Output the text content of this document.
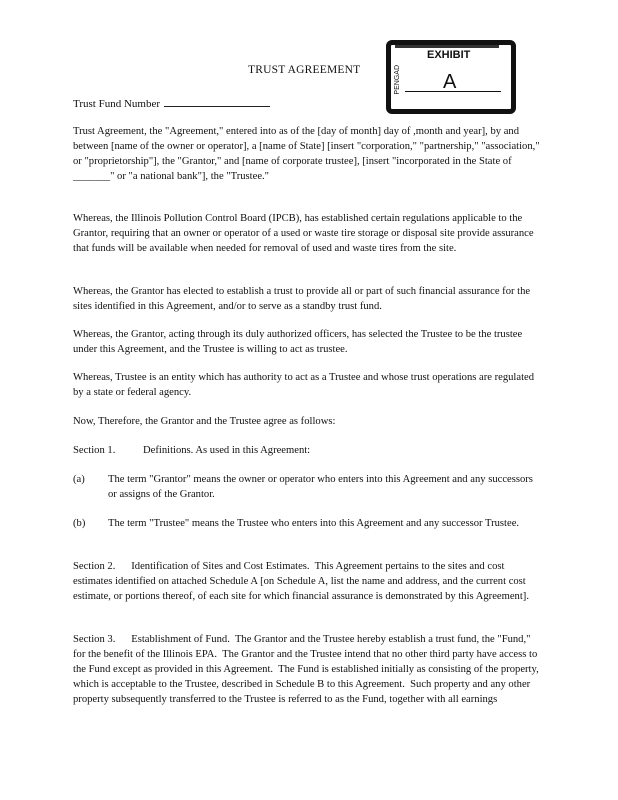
EXHIBIT
PENGAD A
TRUST AGREEMENT
Trust Fund Number
Trust Agreement, the "Agreement," entered into as of the [day of month] day of ,month and year], by and between [name of the owner or operator], a [name of State] [insert "corporation," "partnership," "association," or "proprietorship"], the "Grantor," and [name of corporate trustee], [insert "incorporated in the State of _______" or "a national bank"], the "Trustee."
Whereas, the Illinois Pollution Control Board (IPCB), has established certain regulations applicable to the Grantor, requiring that an owner or operator of a used or waste tire storage or disposal site provide assurance that funds will be available when needed for removal of used and waste tires from the site.
Whereas, the Grantor has elected to establish a trust to provide all or part of such financial assurance for the sites identified in this Agreement, and/or to serve as a standby trust fund.
Whereas, the Grantor, acting through its duly authorized officers, has selected the Trustee to be the trustee under this Agreement, and the Trustee is willing to act as trustee.
Whereas, Trustee is an entity which has authority to act as a Trustee and whose trust operations are regulated by a state or federal agency.
Now, Therefore, the Grantor and the Trustee agree as follows:
Section 1.	Definitions. As used in this Agreement:
(a) The term "Grantor" means the owner or operator who enters into this Agreement and any successors or assigns of the Grantor.
(b) The term "Trustee" means the Trustee who enters into this Agreement and any successor Trustee.
Section 2.      Identification of Sites and Cost Estimates.  This Agreement pertains to the sites and cost estimates identified on attached Schedule A [on Schedule A, list the name and address, and the current cost estimate, or portions thereof, of each site for which financial assurance is demonstrated by this Agreement].
Section 3.      Establishment of Fund.  The Grantor and the Trustee hereby establish a trust fund, the "Fund," for the benefit of the Illinois EPA.  The Grantor and the Trustee intend that no other third party have access to the Fund except as provided in this Agreement.  The Fund is established initially as consisting of the property, which is acceptable to the Trustee, described in Schedule B to this Agreement.  Such property and any other property subsequently transferred to the Trustee is referred to as the Fund, together with all earnings
